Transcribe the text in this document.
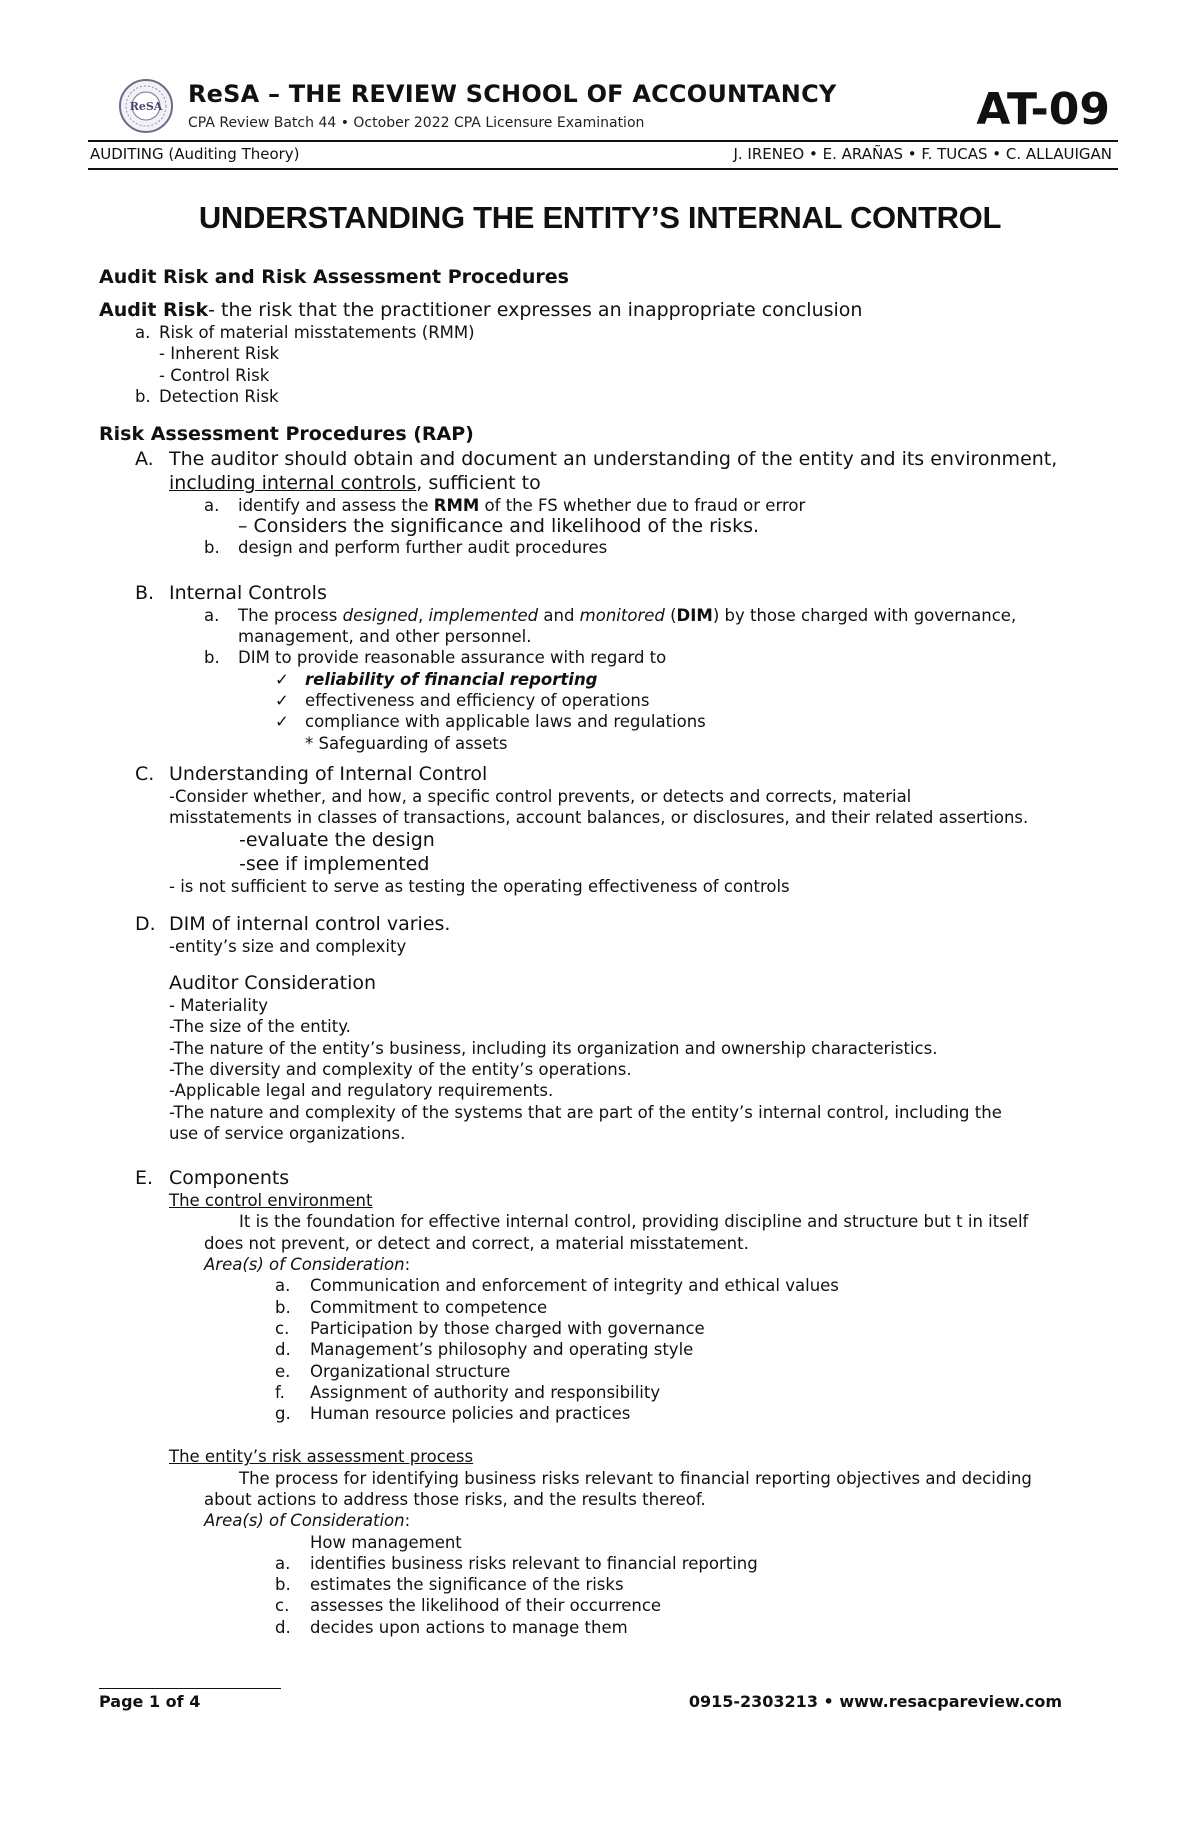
ReSA ReSA – THE REVIEW SCHOOL OF ACCOUNTANCY
CPA Review Batch 44 • October 2022 CPA Licensure Examination	AT-09
AUDITING (Auditing Theory)	J. IRENEO • E. ARAÑAS • F. TUCAS • C. ALLAUIGAN
UNDERSTANDING THE ENTITY’S INTERNAL CONTROL

Audit Risk and Risk Assessment Procedures

Audit Risk- the risk that the practitioner expresses an inappropriate conclusion

a. Risk of material misstatements (RMM)

- Inherent Risk

- Control Risk

b. Detection Risk

Risk Assessment Procedures (RAP)

A. The auditor should obtain and document an understanding of the entity and its environment,
including internal controls, sufficient to
a.	identify and assess the RMM of the FS whether due to fraud or error

– Considers the significance and likelihood of the risks.

b.	design and perform further audit procedures
B. Internal Controls
a.	The process designed, implemented and monitored (DIM) by those charged with governance,
management, and other personnel.
b.	DIM to provide reasonable assurance with regard to

✓ reliability of financial reporting

✓ effectiveness and efficiency of operations

✓ compliance with applicable laws and regulations

* Safeguarding of assets

C. Understanding of Internal Control

-Consider whether, and how, a specific control prevents, or detects and corrects, material

misstatements in classes of transactions, account balances, or disclosures, and their related assertions.

-evaluate the design

-see if implemented

- is not sufficient to serve as testing the operating effectiveness of controls

D. DIM of internal control varies.

-entity’s size and complexity

Auditor Consideration

- Materiality

-The size of the entity.

-The nature of the entity’s business, including its organization and ownership characteristics.

-The diversity and complexity of the entity’s operations.

-Applicable legal and regulatory requirements.

-The nature and complexity of the systems that are part of the entity’s internal control, including the

use of service organizations.

E. Components

The control environment

It is the foundation for effective internal control, providing discipline and structure but t in itself

does not prevent, or detect and correct, a material misstatement.

Area(s) of Consideration:

a.	Communication and enforcement of integrity and ethical values
b.	Commitment to competence
c.	Participation by those charged with governance
d.	Management’s philosophy and operating style
e.	Organizational structure
f.	Assignment of authority and responsibility
g.	Human resource policies and practices

The entity’s risk assessment process

The process for identifying business risks relevant to financial reporting objectives and deciding

about actions to address those risks, and the results thereof.

Area(s) of Consideration:

How management

a.	identifies business risks relevant to financial reporting
b.	estimates the significance of the risks
c.	assesses the likelihood of their occurrence
d.	decides upon actions to manage them
Page 1 of 4	0915-2303213 • www.resacpareview.com
